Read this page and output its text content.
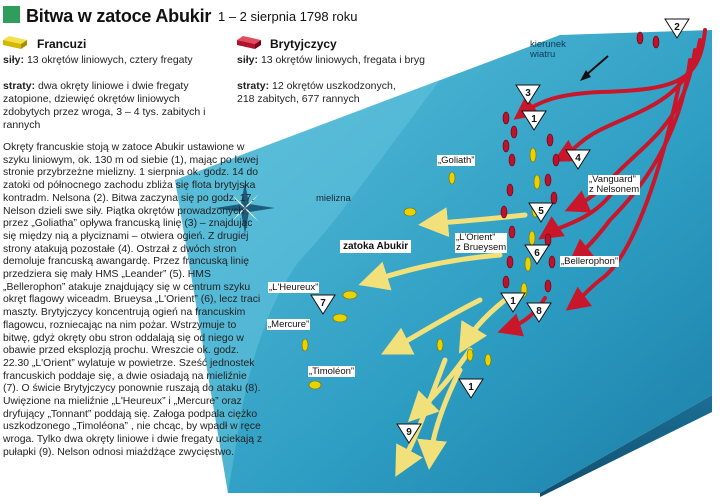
2
3
1
4
5
6
7	1
8
1
9
Bitwa w zatoce Abukir 1 – 2 sierpnia 1798 roku
Francuzi
siły: 13 okrętów liniowych, cztery fregaty
straty: dwa okręty liniowe i dwie fregaty zatopione, dziewięć okrętów liniowych zdobytych przez wroga, 3 – 4 tys. zabitych i rannych
Brytyjczycy
siły: 13 okrętów liniowych, fregata i bryg
straty: 12 okrętów uszkodzonych, 218 zabitych, 677 rannych

Okręty francuskie stoją w zatoce Abukir ustawione w szyku liniowym, ok. 130 m od siebie (1), mając po lewej stronie przybrzeżne mielizny. 1 sierpnia ok. godz. 14 do zatoki od północnego zachodu zbliża się flota brytyjska kontradm. Nelsona (2). Bitwa zaczyna się po godz. 17. Nelson dzieli swe siły. Piątka okrętów prowadzonych przez „Goliatha” opływa francuską linię (3) – znajdując się między nią a płyciznami – otwiera ogień. Z drugiej strony atakują pozostałe (4). Ostrzał z dwóch stron demoluje francuską awangardę. Przez francuską linię przedziera się mały HMS „Leander” (5). HMS „Bellerophon” atakuje znajdujący się w centrum szyku okręt flagowy wiceadm. Brueysa „L'Orient” (6), lecz traci maszty. Brytyjczycy koncentrują ogień na francuskim flagowcu, rozniecając na nim pożar. Wstrzymuje to bitwę, gdyż okręty obu stron oddalają się od niego w obawie przed eksplozją prochu. Wreszcie ok. godz. 22.30 „L'Orient” wylatuje w powietrze. Sześć jednostek francuskich poddaje się, a dwie osiadają na mieliźnie (7). O świcie Brytyjczycy ponownie ruszają do ataku (8). Uwięzione na mieliźnie „L'Heureux” i „Mercure” oraz dryfujący „Tonnant” poddają się. Załoga podpala ciężko uszkodzonego „Timoléona” , nie chcąc, by wpadł w ręce wroga. Tylko dwa okręty liniowe i dwie fregaty uciekają z pułapki (9). Nelson odnosi miażdżące zwycięstwo.

kierunek
wiatru
mielizna
zatoka Abukir
„Goliath”
„Vanguard”
z Nelsonem
„L'Orient”
z Brueysem
„Bellerophon”
„L'Heureux”
„Mercure”
„Timoléon”
